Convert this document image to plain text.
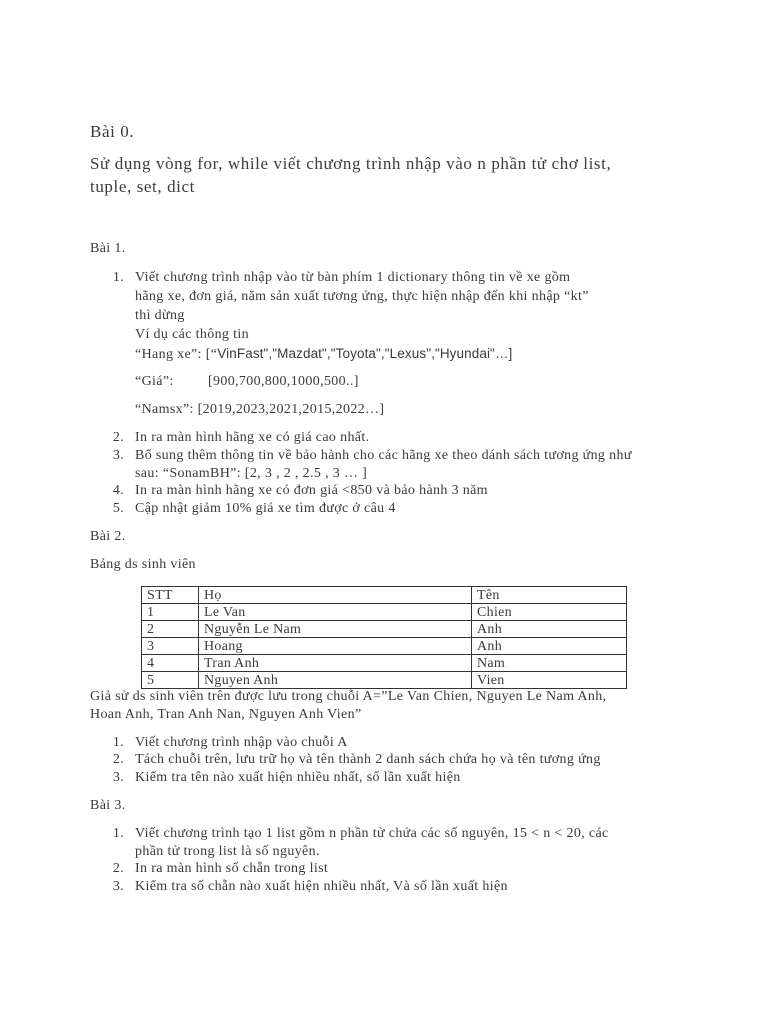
Bài 0.
Sử dụng vòng for, while viết chương trình nhập vào n phần tử chơ list,
tuple, set, dict
Bài 1.
1. Viết chương trình nhập vào từ bàn phím 1 dictionary thông tin về xe gồm
hãng xe, đơn giá, năm sản xuất tương ứng, thực hiện nhập đến khi nhập “kt”
thì dừng
Ví dụ các thông tin
“Hang xe”: [“VinFast","Mazdat","Toyota","Lexus","Hyundai"…]
“Giá”: [900,700,800,1000,500..]
“Namsx”: [2019,2023,2021,2015,2022…]
2. In ra màn hình hãng xe có giá cao nhất.
3. Bổ sung thêm thông tin về bảo hành cho các hãng xe theo dánh sách tương ứng như
sau: “SonamBH”: [2, 3 , 2 , 2.5 , 3 … ]
4. In ra màn hình hãng xe có đơn giá <850 và bảo hành 3 năm
5. Cập nhật giảm 10% giá xe tìm được ở câu 4
Bài 2.
Bảng ds sinh viên
STT	Họ	Tên
1	Le Van	Chien
2	Nguyễn Le Nam	Anh
3	Hoang	Anh
4	Tran Anh	Nam
5	Nguyen Anh	Vien
Giả sử ds sinh viên trên được lưu trong chuỗi A=”Le Van Chien, Nguyen Le Nam Anh,
Hoan Anh, Tran Anh Nan, Nguyen Anh Vien”
1. Viết chương trình nhập vào chuỗi A
2. Tách chuỗi trên, lưu trữ họ và tên thành 2 danh sách chứa họ và tên tương ứng
3. Kiểm tra tên nào xuất hiện nhiều nhất, số lần xuất hiện
Bài 3.
1. Viết chương trình tạo 1 list gồm n phần tử chứa các số nguyên, 15 < n < 20, các
phần tử trong list là số nguyên.
2. In ra màn hình số chẵn trong list
3. Kiểm tra số chẵn nào xuất hiện nhiều nhất, Và số lần xuất hiện
